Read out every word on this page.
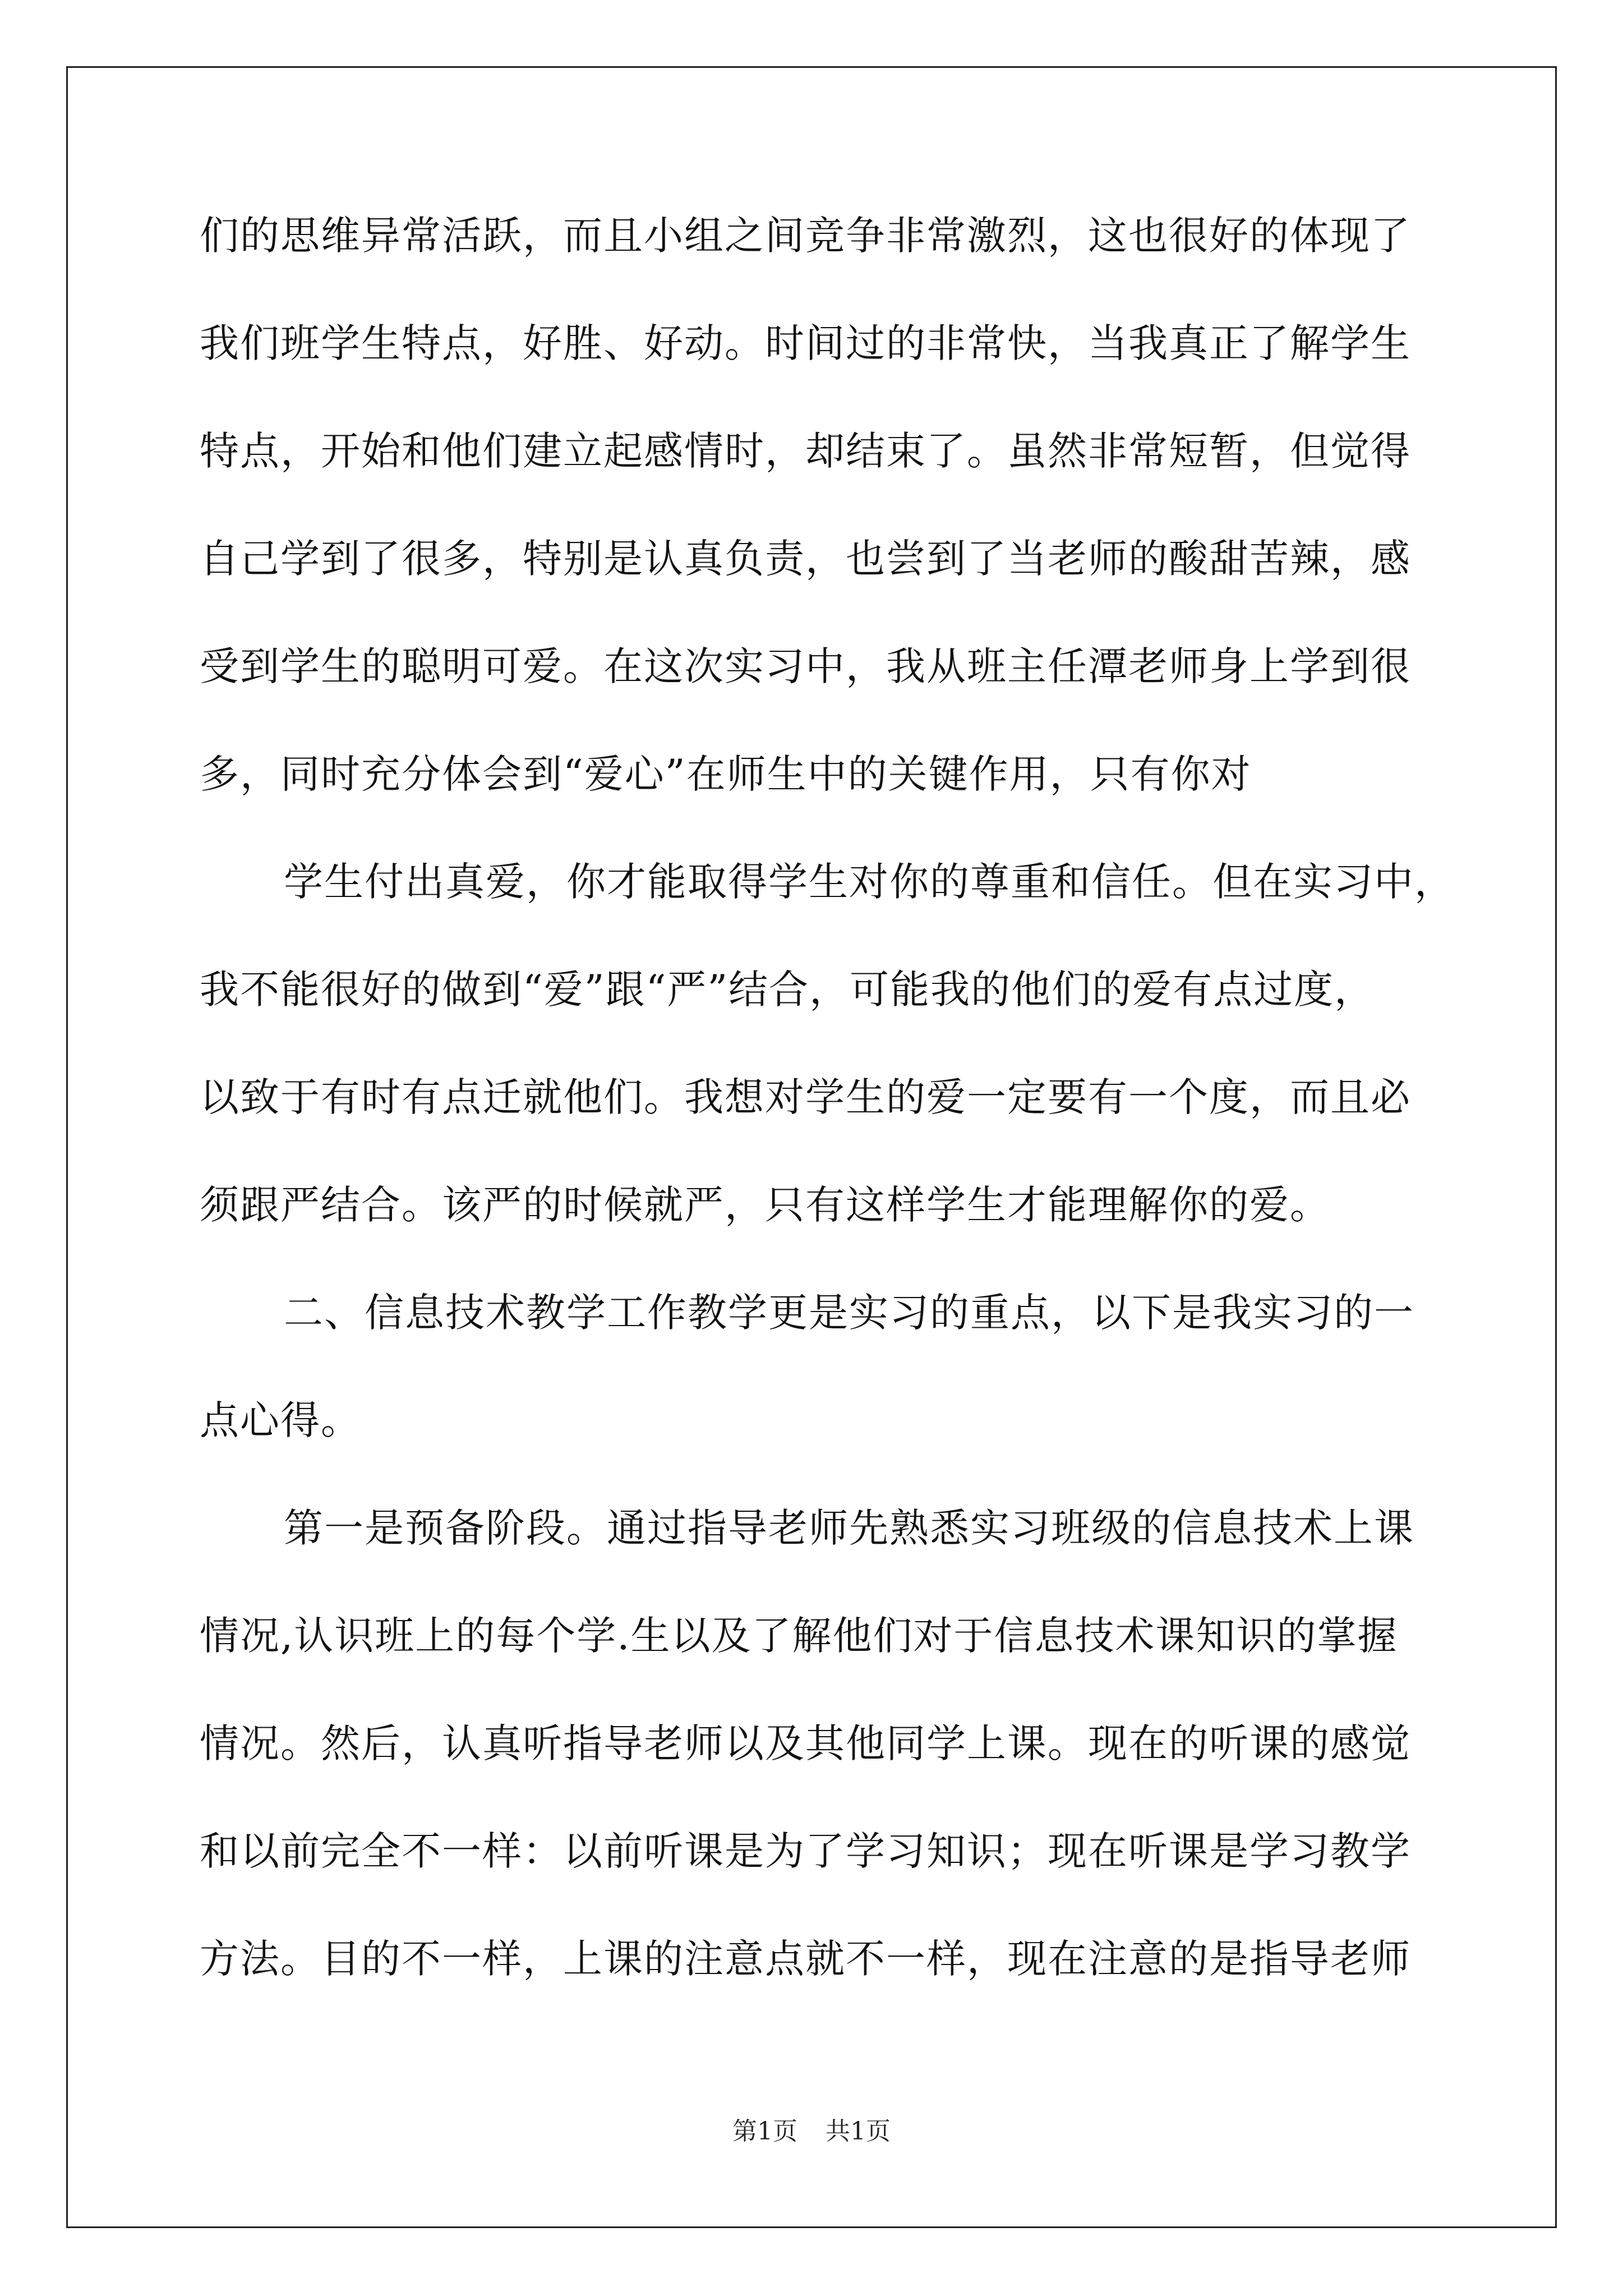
们的思维异常活跃，而且小组之间竞争非常激烈，这也很好的体现了
我们班学生特点，好胜、好动。时间过的非常快，当我真正了解学生
特点，开始和他们建立起感情时，却结束了。虽然非常短暂，但觉得
自己学到了很多，特别是认真负责，也尝到了当老师的酸甜苦辣，感
受到学生的聪明可爱。在这次实习中，我从班主任潭老师身上学到很
多，同时充分体会到“爱心”在师生中的关键作用，只有你对
学生付出真爱，你才能取得学生对你的尊重和信任。但在实习中，
我不能很好的做到“爱”跟“严”结合，可能我的他们的爱有点过度，
以致于有时有点迁就他们。我想对学生的爱一定要有一个度，而且必
须跟严结合。该严的时候就严，只有这样学生才能理解你的爱。
二、信息技术教学工作教学更是实习的重点，以下是我实习的一
点心得。
第一是预备阶段。通过指导老师先熟悉实习班级的信息技术上课
情况,认识班上的每个学.生以及了解他们对于信息技术课知识的掌握
情况。然后，认真听指导老师以及其他同学上课。现在的听课的感觉
和以前完全不一样：以前听课是为了学习知识；现在听课是学习教学
方法。目的不一样，上课的注意点就不一样，现在注意的是指导老师
第1页 共1页
